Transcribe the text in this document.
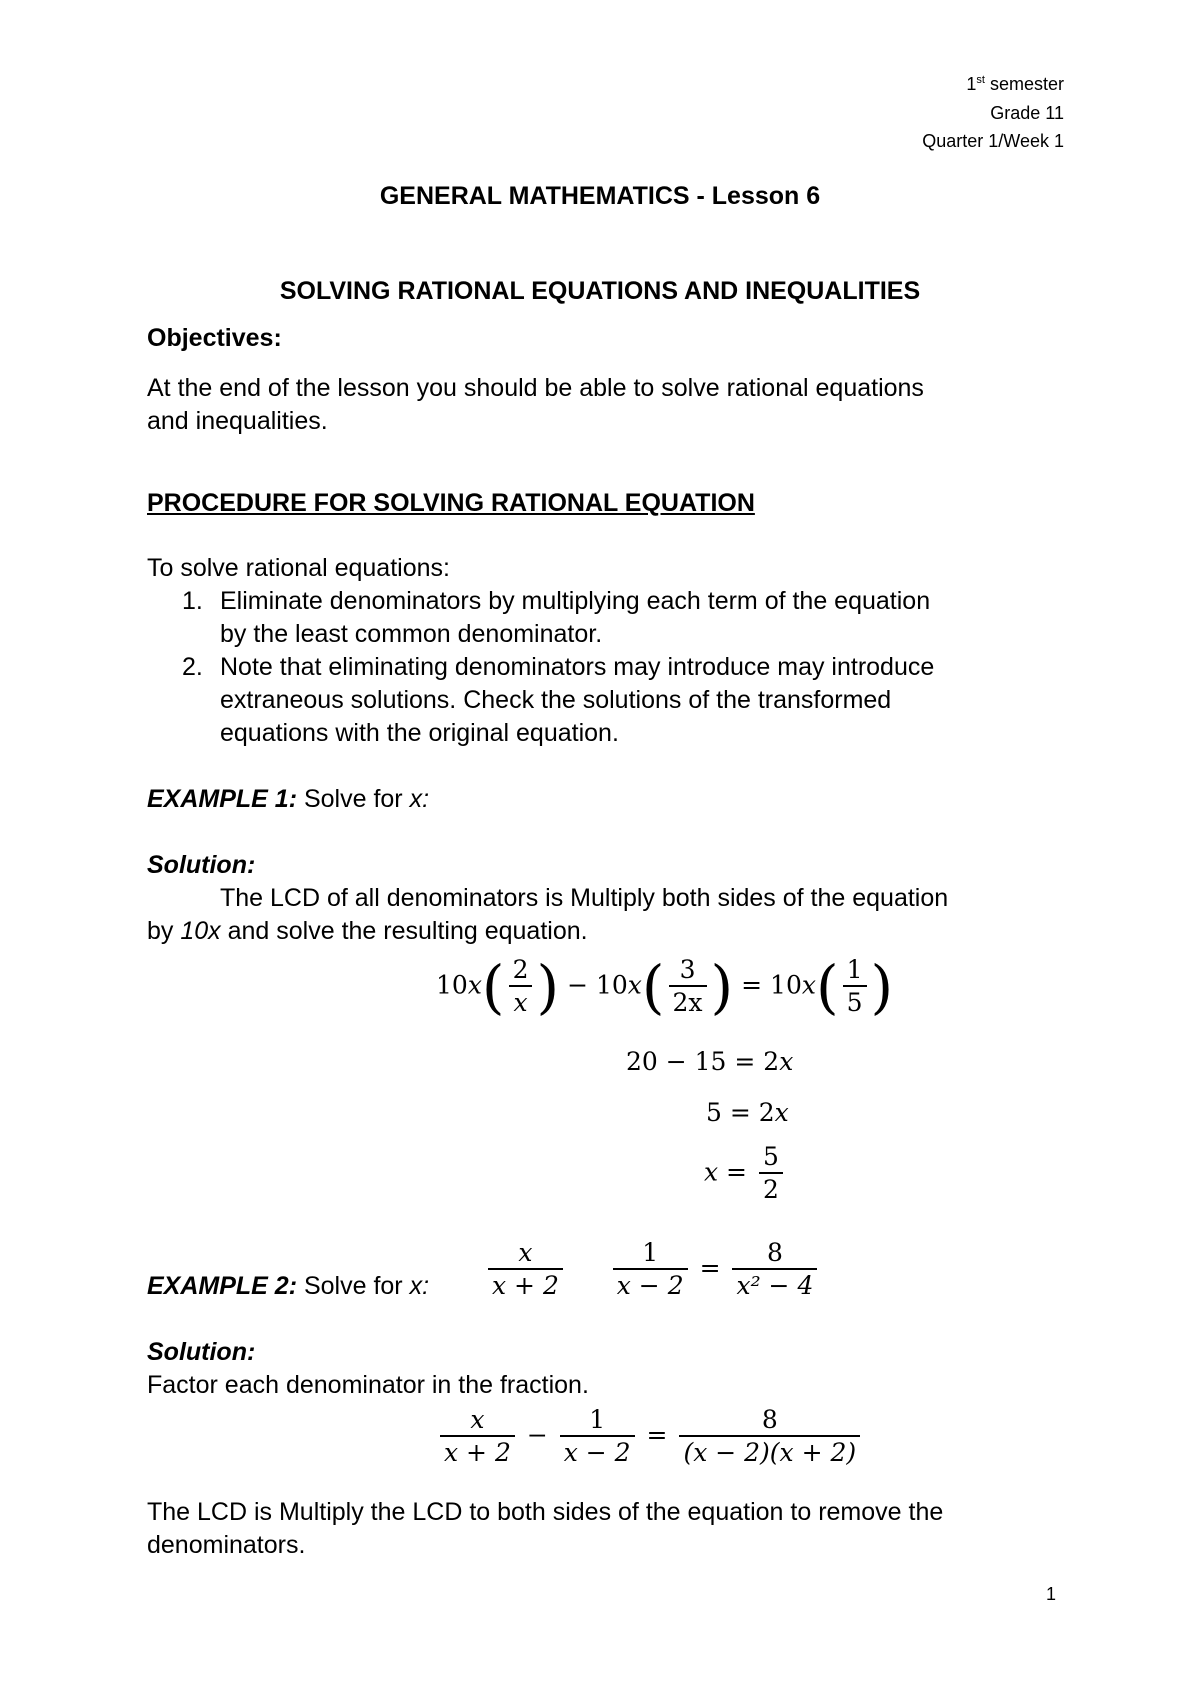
1st semester
Grade 11
Quarter 1/Week 1
GENERAL MATHEMATICS - Lesson 6
SOLVING RATIONAL EQUATIONS AND INEQUALITIES
Objectives:
At the end of the lesson you should be able to solve rational equations
and inequalities.
PROCEDURE FOR SOLVING RATIONAL EQUATION
To solve rational equations:
1. Eliminate denominators by multiplying each term of the equation
by the least common denominator.
2. Note that eliminating denominators may introduce may introduce
extraneous solutions. Check the solutions of the transformed
equations with the original equation.
EXAMPLE 1: Solve for x:
Solution:
The LCD of all denominators is Multiply both sides of the equation
by 10x and solve the resulting equation.
$10x( \frac{2}{x}$ ) − $10x( \frac{3}{2x}$ ) = $10x( \frac{1}{5}$ )
20 − 15 = 2x
5 = 2x
$x = \frac{5}{2}$
EXAMPLE 2: Solve for x: $\frac{x}{x + 2}$
$\frac{1}{x - 2} = \frac{8}{\text{x² − 4}}$
Solution:
Factor each denominator in the fraction.
$\frac{x}{x + 2} - \frac{1}{x - 2} = \frac{8}{(x - 2)(x + 2)}$
The LCD is Multiply the LCD to both sides of the equation to remove the
denominators.
1
